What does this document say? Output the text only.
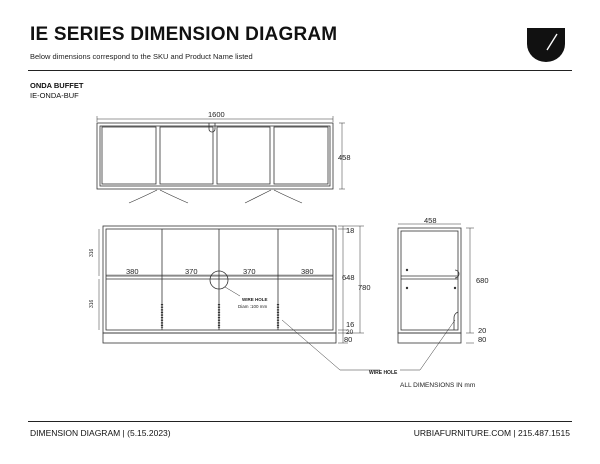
IE SERIES DIMENSION DIAGRAM
Below dimensions correspond to the SKU and Product Name listed
ONDA BUFFET
IE-ONDA-BUF
1600
458
380	370	370	380
316
316
18
648
780
16
20
80
458
680
20
80
WIRE HOLE
Diam :100 mm
WIRE HOLE
ALL DIMENSIONS IN mm
DIMENSION DIAGRAM | (5.15.2023)	URBIAFURNITURE.COM | 215.487.1515
